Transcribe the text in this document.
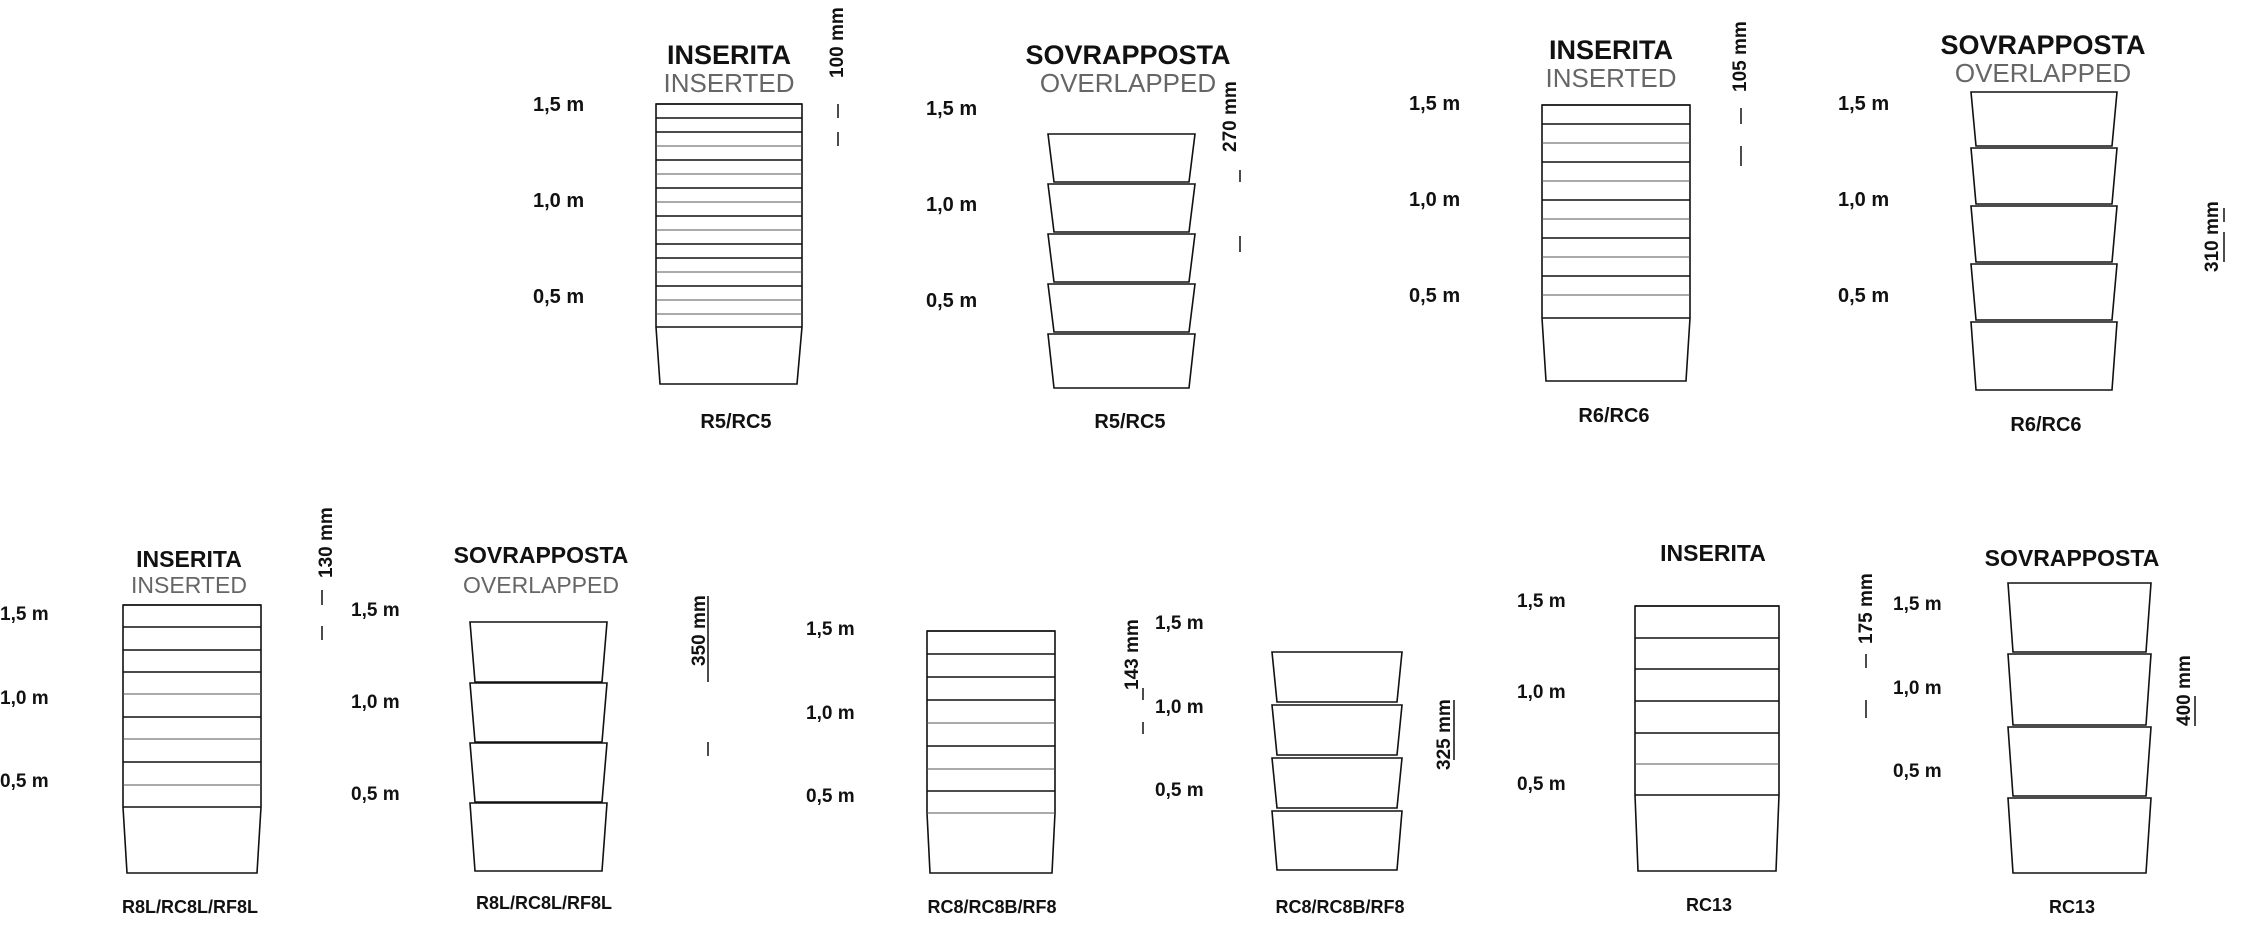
INSERITA
INSERTED
1,5 m
1,0 m
0,5 m
100 mm
R5/RC5
SOVRAPPOSTA
OVERLAPPED
1,5 m
1,0 m
0,5 m
270 mm
R5/RC5
INSERITA
INSERTED
1,5 m
1,0 m
0,5 m
105 mm
R6/RC6
SOVRAPPOSTA
OVERLAPPED
1,5 m
1,0 m
0,5 m
310 mm
R6/RC6
INSERITA
INSERTED
1,5 m
1,0 m
0,5 m
130 mm
R8L/RC8L/RF8L
SOVRAPPOSTA
OVERLAPPED
1,5 m
1,0 m
0,5 m
350 mm
R8L/RC8L/RF8L
1,5 m
1,0 m
0,5 m
143 mm
RC8/RC8B/RF8
1,5 m
1,0 m
0,5 m
325 mm
RC8/RC8B/RF8
INSERITA
1,5 m
1,0 m
0,5 m
175 mm
RC13
SOVRAPPOSTA
1,5 m
1,0 m
0,5 m
400 mm
RC13
